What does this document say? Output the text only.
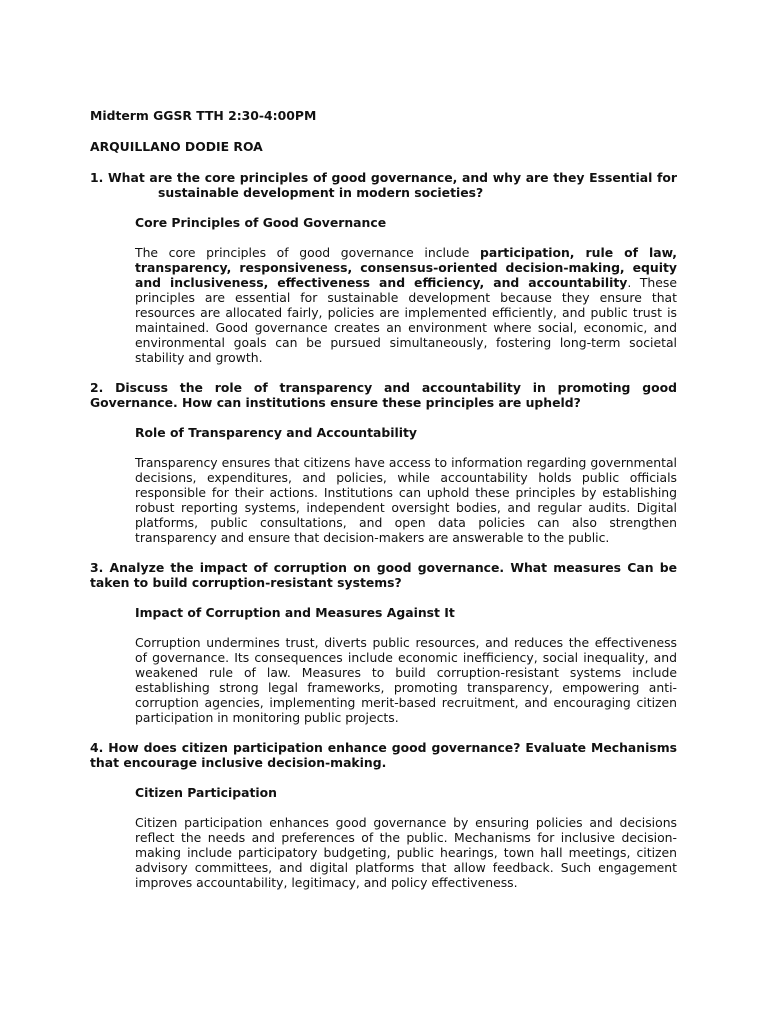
Midterm GGSR TTH 2:30-4:00PM

ARQUILLANO DODIE ROA

1. What are the core principles of good governance, and why are they Essential for sustainable development in modern societies?

Core Principles of Good Governance

The core principles of good governance include participation, rule of law, transparency, responsiveness, consensus-oriented decision-making, equity and inclusiveness, effectiveness and efficiency, and accountability. These principles are essential for sustainable development because they ensure that resources are allocated fairly, policies are implemented efficiently, and public trust is maintained. Good governance creates an environment where social, economic, and environmental goals can be pursued simultaneously, fostering long-term societal stability and growth.

2. Discuss the role of transparency and accountability in promoting good Governance. How can institutions ensure these principles are upheld?

Role of Transparency and Accountability

Transparency ensures that citizens have access to information regarding governmental decisions, expenditures, and policies, while accountability holds public officials responsible for their actions. Institutions can uphold these principles by establishing robust reporting systems, independent oversight bodies, and regular audits. Digital platforms, public consultations, and open data policies can also strengthen transparency and ensure that decision-makers are answerable to the public.

3. Analyze the impact of corruption on good governance. What measures Can be taken to build corruption-resistant systems?

Impact of Corruption and Measures Against It

Corruption undermines trust, diverts public resources, and reduces the effectiveness of governance. Its consequences include economic inefficiency, social inequality, and weakened rule of law. Measures to build corruption-resistant systems include establishing strong legal frameworks, promoting transparency, empowering anti-corruption agencies, implementing merit-based recruitment, and encouraging citizen participation in monitoring public projects.

4. How does citizen participation enhance good governance? Evaluate Mechanisms that encourage inclusive decision-making.

Citizen Participation

Citizen participation enhances good governance by ensuring policies and decisions reflect the needs and preferences of the public. Mechanisms for inclusive decision-making include participatory budgeting, public hearings, town hall meetings, citizen advisory committees, and digital platforms that allow feedback. Such engagement improves accountability, legitimacy, and policy effectiveness.
